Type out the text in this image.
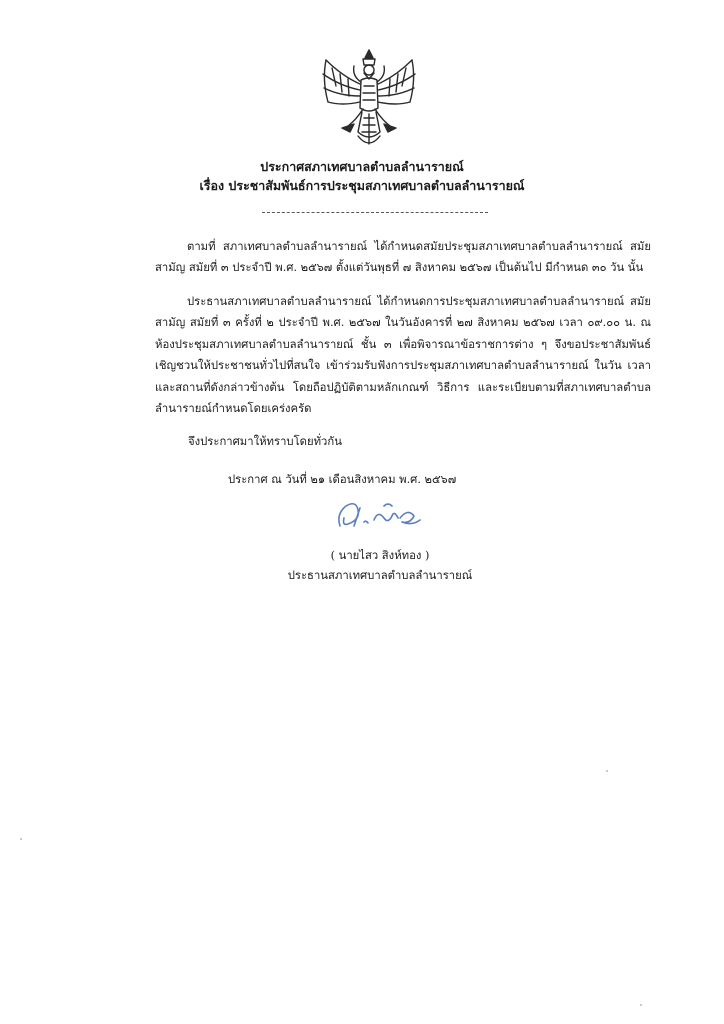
ประกาศสภาเทศบาลตำบลลำนารายณ์
เรื่อง ประชาสัมพันธ์การประชุมสภาเทศบาลตำบลลำนารายณ์

ตามที่ สภาเทศบาลตำบลลำนารายณ์ ได้กำหนดสมัยประชุมสภาเทศบาลตำบลลำนารายณ์ สมัยสามัญ สมัยที่ ๓ ประจำปี พ.ศ. ๒๕๖๗ ตั้งแต่วันพุธที่ ๗ สิงหาคม ๒๕๖๗ เป็นต้นไป มีกำหนด ๓๐ วัน นั้น

ประธานสภาเทศบาลตำบลลำนารายณ์ ได้กำหนดการประชุมสภาเทศบาลตำบลลำนารายณ์ สมัยสามัญ สมัยที่ ๓ ครั้งที่ ๒ ประจำปี พ.ศ. ๒๕๖๗ ในวันอังคารที่ ๒๗ สิงหาคม ๒๕๖๗ เวลา ๐๙.๐๐ น. ณ ห้องประชุมสภาเทศบาลตำบลลำนารายณ์ ชั้น ๓ เพื่อพิจารณาข้อราชการต่าง ๆ จึงขอประชาสัมพันธ์ เชิญชวนให้ประชาชนทั่วไปที่สนใจ เข้าร่วมรับฟังการประชุมสภาเทศบาลตำบลลำนารายณ์ ในวัน เวลา และสถานที่ดังกล่าวข้างต้น โดยถือปฏิบัติตามหลักเกณฑ์ วิธีการ และระเบียบตามที่สภาเทศบาลตำบล ลำนารายณ์กำหนดโดยเคร่งครัด

จึงประกาศมาให้ทราบโดยทั่วกัน
ประกาศ ณ วันที่ ๒๑ เดือนสิงหาคม พ.ศ. ๒๕๖๗
( นายไสว สิงห์ทอง )
ประธานสภาเทศบาลตำบลลำนารายณ์
